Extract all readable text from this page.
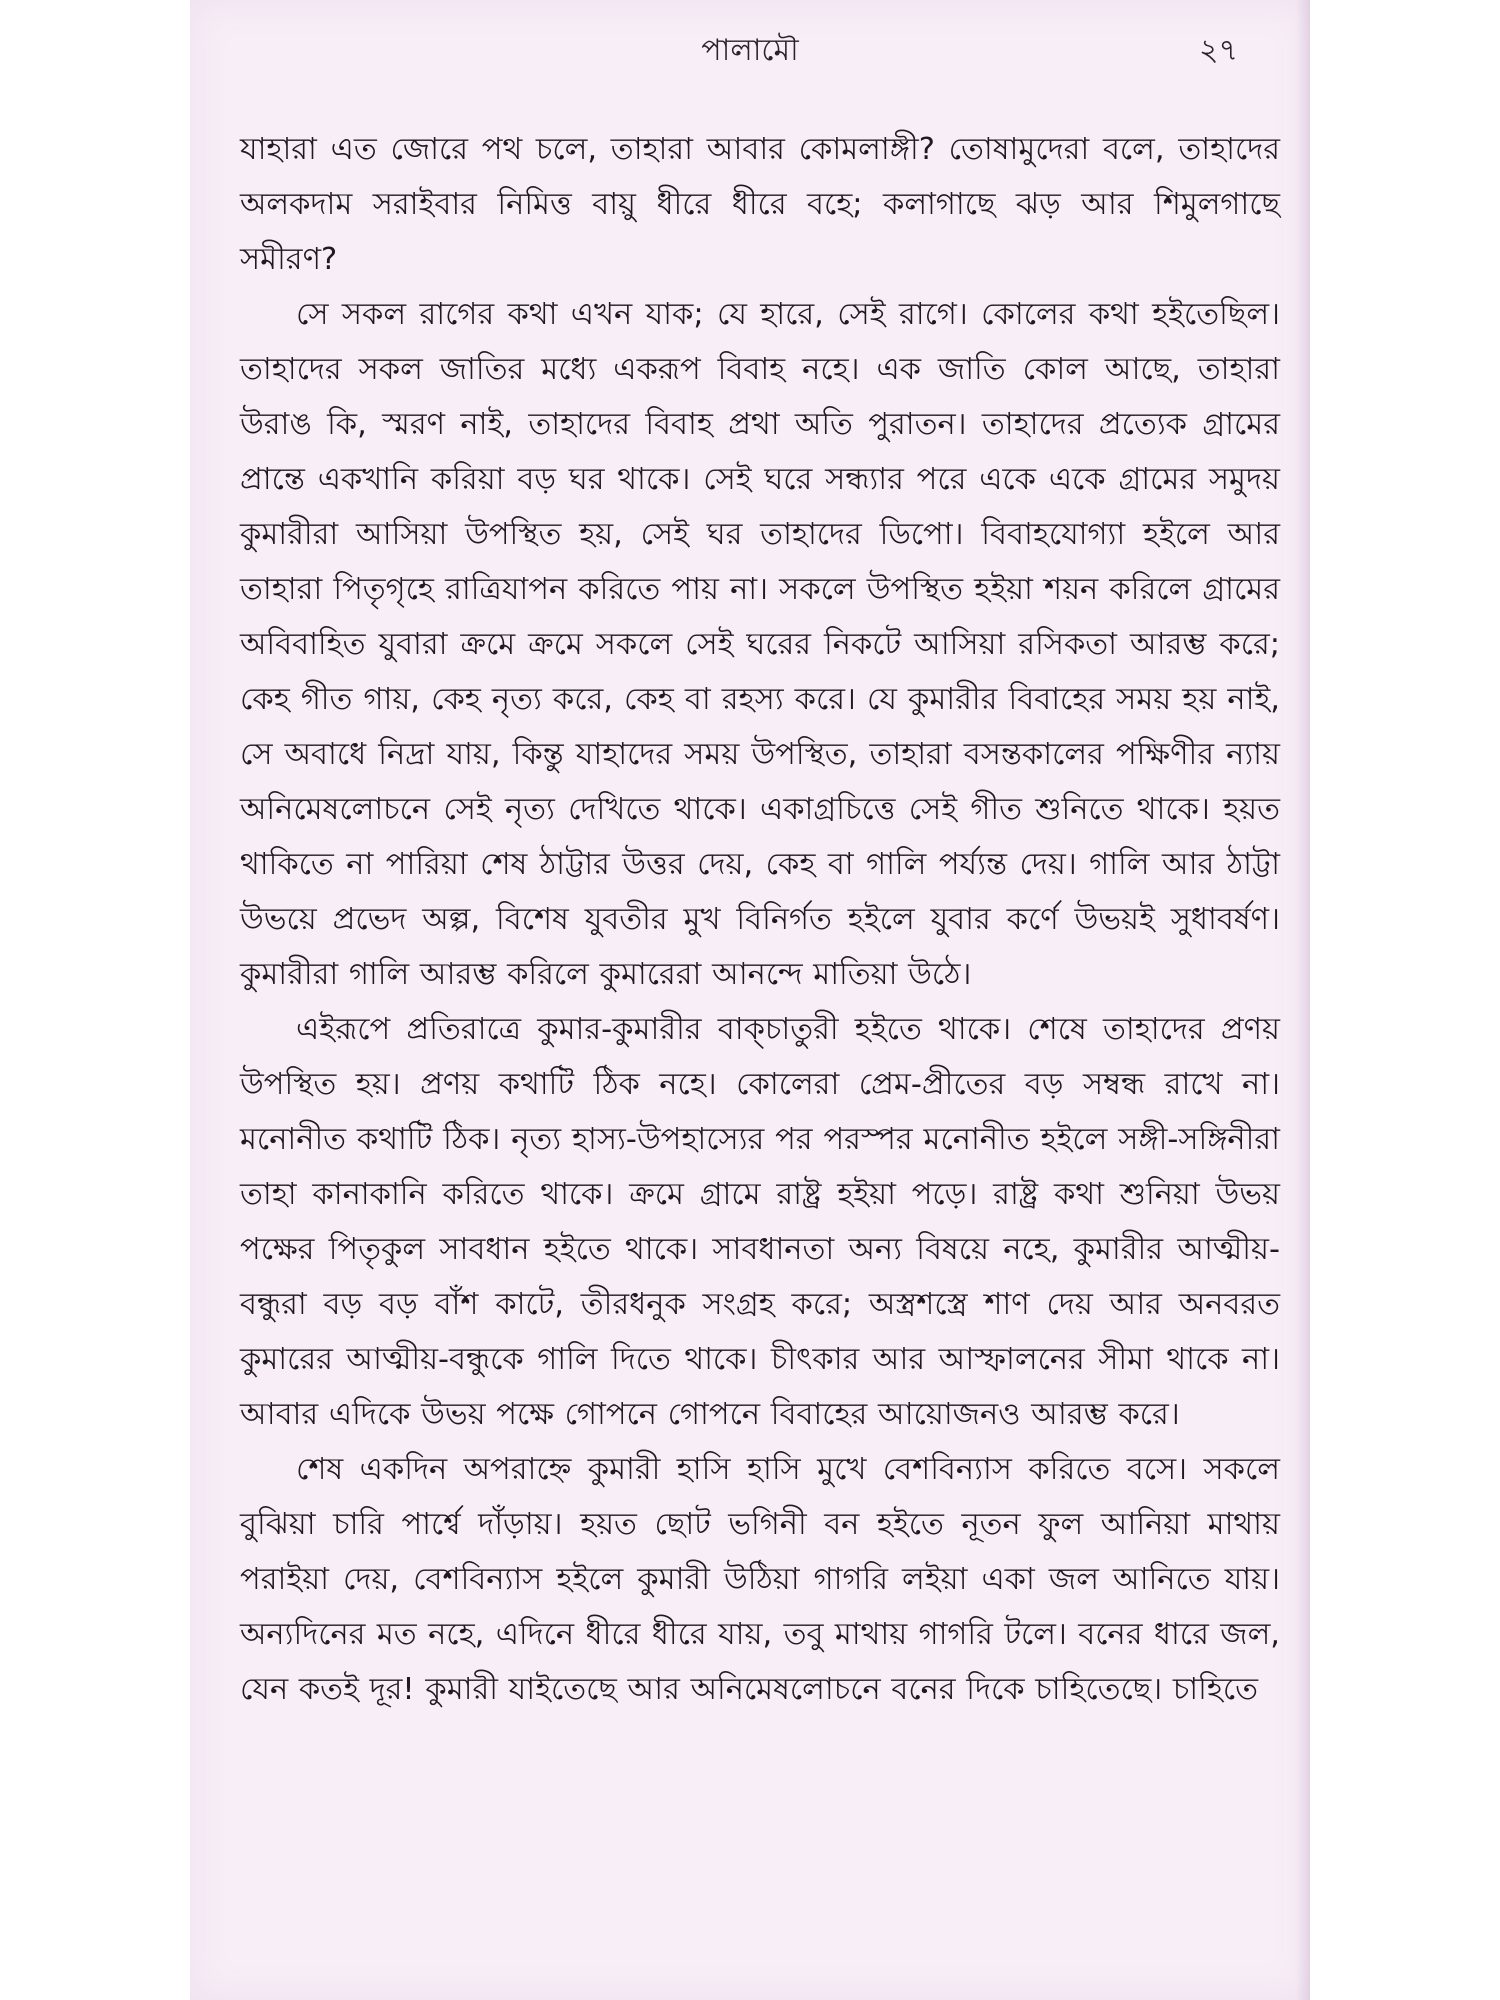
পালামৌ	২৭

যাহারা এত জোরে পথ চলে, তাহারা আবার কোমলাঙ্গী? তোষামুদেরা বলে, তাহাদের অলকদাম সরাইবার নিমিত্ত বায়ু ধীরে ধীরে বহে; কলাগাছে ঝড় আর শিমুলগাছে সমীরণ?

সে সকল রাগের কথা এখন যাক; যে হারে, সেই রাগে। কোলের কথা হইতেছিল। তাহাদের সকল জাতির মধ্যে একরূপ বিবাহ নহে। এক জাতি কোল আছে, তাহারা উরাঙ কি, স্মরণ নাই, তাহাদের বিবাহ প্রথা অতি পুরাতন। তাহাদের প্রত্যেক গ্রামের প্রান্তে একখানি করিয়া বড় ঘর থাকে। সেই ঘরে সন্ধ্যার পরে একে একে গ্রামের সমুদয় কুমারীরা আসিয়া উপস্থিত হয়, সেই ঘর তাহাদের ডিপো। বিবাহযোগ্যা হইলে আর তাহারা পিতৃগৃহে রাত্রিযাপন করিতে পায় না। সকলে উপস্থিত হইয়া শয়ন করিলে গ্রামের অবিবাহিত যুবারা ক্রমে ক্রমে সকলে সেই ঘরের নিকটে আসিয়া রসিকতা আরম্ভ করে; কেহ গীত গায়, কেহ নৃত্য করে, কেহ বা রহস্য করে। যে কুমারীর বিবাহের সময় হয় নাই, সে অবাধে নিদ্রা যায়, কিন্তু যাহাদের সময় উপস্থিত, তাহারা বসন্তকালের পক্ষিণীর ন্যায় অনিমেষলোচনে সেই নৃত্য দেখিতে থাকে। একাগ্রচিত্তে সেই গীত শুনিতে থাকে। হয়ত থাকিতে না পারিয়া শেষ ঠাট্টার উত্তর দেয়, কেহ বা গালি পর্য্যন্ত দেয়। গালি আর ঠাট্টা উভয়ে প্রভেদ অল্প, বিশেষ যুবতীর মুখ বিনির্গত হইলে যুবার কর্ণে উভয়ই সুধাবর্ষণ। কুমারীরা গালি আরম্ভ করিলে কুমারেরা আনন্দে মাতিয়া উঠে।

এইরূপে প্রতিরাত্রে কুমার-কুমারীর বাক্চাতুরী হইতে থাকে। শেষে তাহাদের প্রণয় উপস্থিত হয়। প্রণয় কথাটি ঠিক নহে। কোলেরা প্রেম-প্রীতের বড় সম্বন্ধ রাখে না। মনোনীত কথাটি ঠিক। নৃত্য হাস্য-উপহাস্যের পর পরস্পর মনোনীত হইলে সঙ্গী-সঙ্গিনীরা তাহা কানাকানি করিতে থাকে। ক্রমে গ্রামে রাষ্ট্র হইয়া পড়ে। রাষ্ট্র কথা শুনিয়া উভয় পক্ষের পিতৃকুল সাবধান হইতে থাকে। সাবধানতা অন্য বিষয়ে নহে, কুমারীর আত্মীয়-বন্ধুরা বড় বড় বাঁশ কাটে, তীরধনুক সংগ্রহ করে; অস্ত্রশস্ত্রে শাণ দেয় আর অনবরত কুমারের আত্মীয়-বন্ধুকে গালি দিতে থাকে। চীৎকার আর আস্ফালনের সীমা থাকে না। আবার এদিকে উভয় পক্ষে গোপনে গোপনে বিবাহের আয়োজনও আরম্ভ করে।

শেষ একদিন অপরাহ্নে কুমারী হাসি হাসি মুখে বেশবিন্যাস করিতে বসে। সকলে বুঝিয়া চারি পার্শ্বে দাঁড়ায়। হয়ত ছোট ভগিনী বন হইতে নূতন ফুল আনিয়া মাথায় পরাইয়া দেয়, বেশবিন্যাস হইলে কুমারী উঠিয়া গাগরি লইয়া একা জল আনিতে যায়। অন্যদিনের মত নহে, এদিনে ধীরে ধীরে যায়, তবু মাথায় গাগরি টলে। বনের ধারে জল, যেন কতই দূর! কুমারী যাইতেছে আর অনিমেষলোচনে বনের দিকে চাহিতেছে। চাহিতে
